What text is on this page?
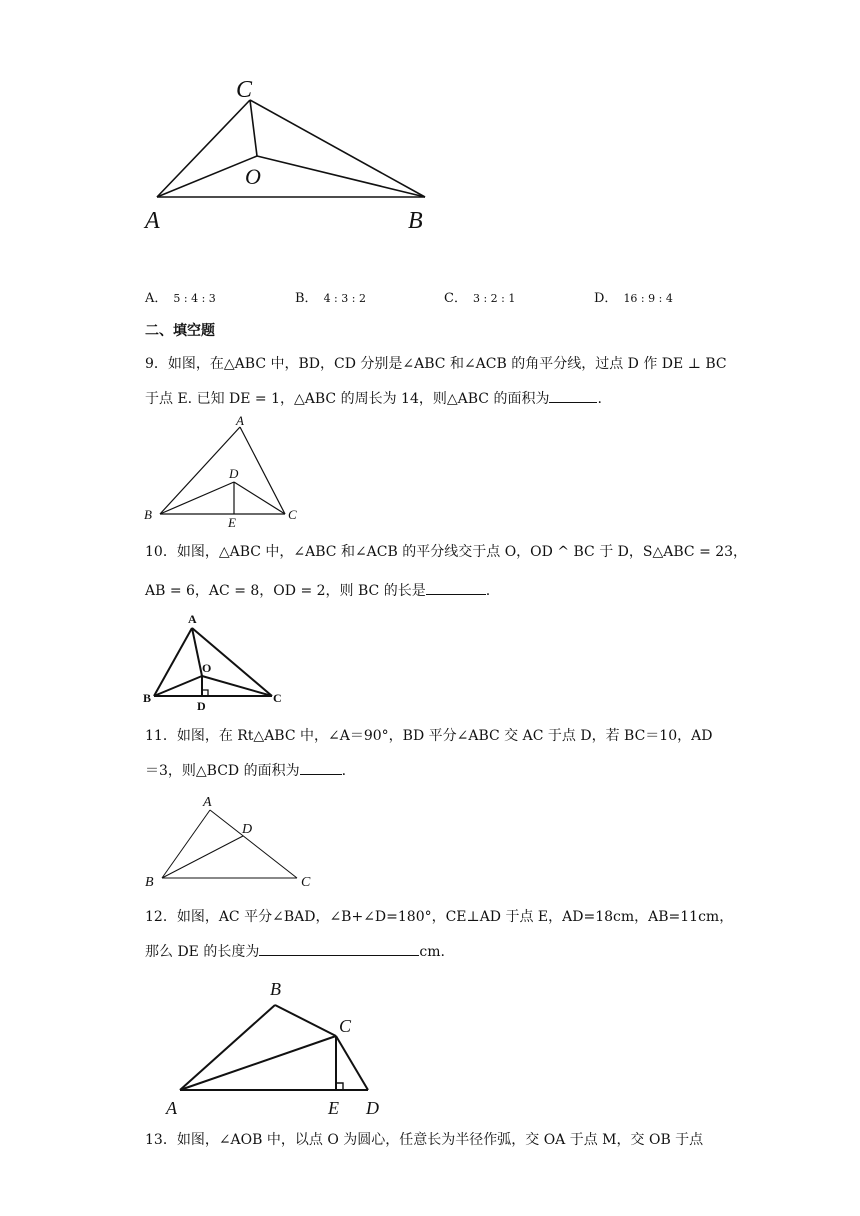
C
O
A	B
A． 5 : 4 : 3	B． 4 : 3 : 2	C． 3 : 2 : 1	D． 16 : 9 : 4
二、填空题
9．如图，在△ABC 中，BD，CD 分别是∠ABC 和∠ACB 的角平分线，过点 D 作 DE ⊥ BC
于点 E. 已知 DE = 1，△ABC 的周长为 14，则△ABC 的面积为	.
A
D
B
E
C
10．如图，△ABC 中，∠ABC 和∠ACB 的平分线交于点 O，OD ^ BC 于 D，S△ABC = 23，
AB = 6，AC = 8，OD = 2，则 BC 的长是	.
A
O
B	C
D
11．如图，在 Rt△ABC 中，∠A＝90°，BD 平分∠ABC 交 AC 于点 D，若 BC＝10，AD
＝3，则△BCD 的面积为	.
A
D
B	C
12．如图，AC 平分∠BAD，∠B+∠D=180°，CE⊥AD 于点 E，AD=18cm，AB=11cm，
那么 DE 的长度为	cm.
B
C
A	E D
13．如图，∠AOB 中，以点 O 为圆心，任意长为半径作弧，交 OA 于点 M，交 OB 于点
